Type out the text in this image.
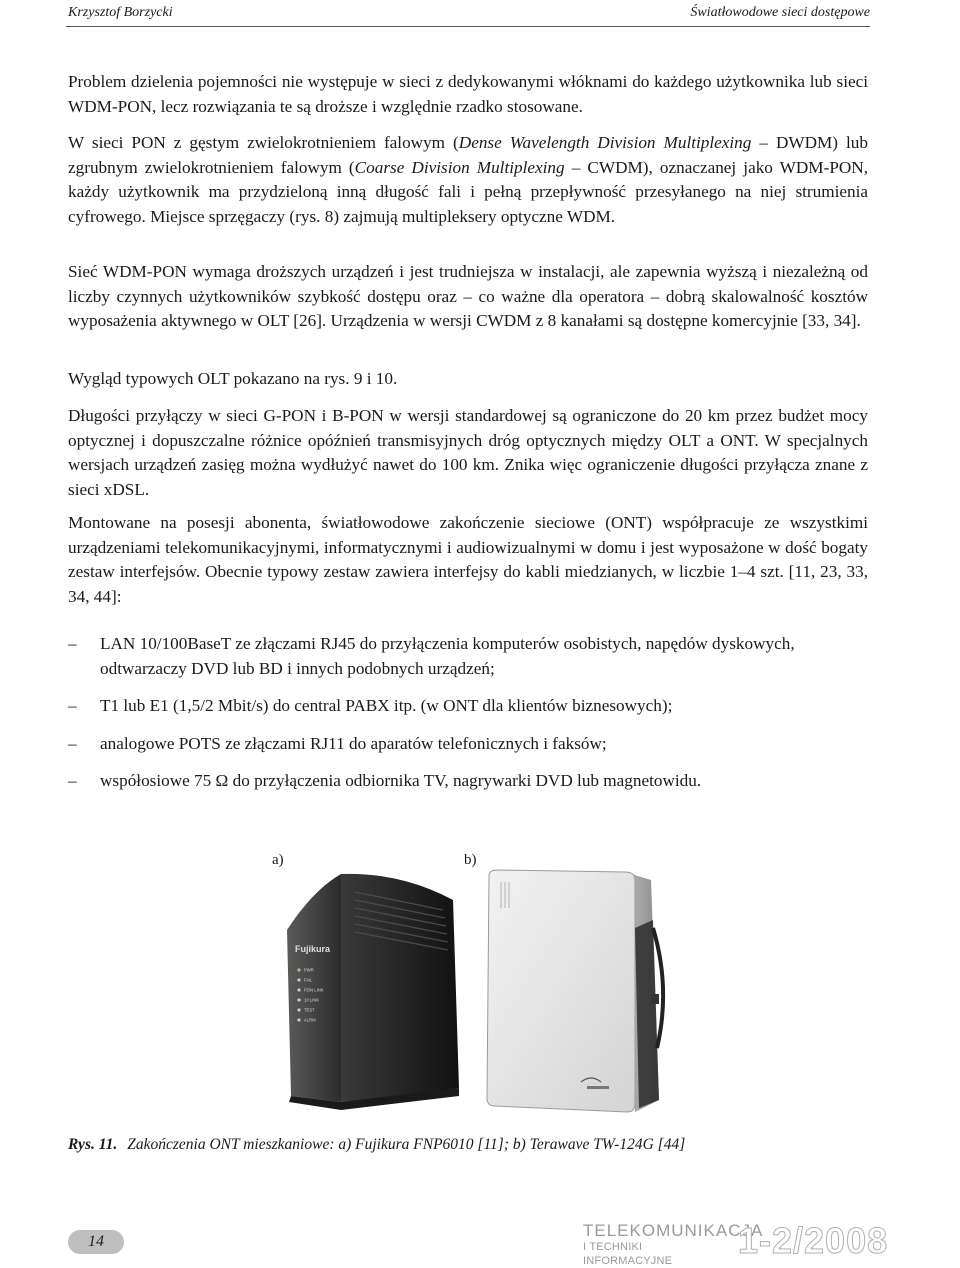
Krzysztof Borzycki	Światłowodowe sieci dostępowe

Problem dzielenia pojemności nie występuje w sieci z dedykowanymi włóknami do każdego użytkownika lub sieci WDM-PON, lecz rozwiązania te są droższe i względnie rzadko stosowane.

W sieci PON z gęstym zwielokrotnieniem falowym (Dense Wavelength Division Multiplexing – DWDM) lub zgrubnym zwielokrotnieniem falowym (Coarse Division Multiplexing – CWDM), oznaczanej jako WDM-PON, każdy użytkownik ma przydzieloną inną długość fali i pełną przepływność przesyłanego na niej strumienia cyfrowego. Miejsce sprzęgaczy (rys. 8) zajmują multipleksery optyczne WDM.

Sieć WDM-PON wymaga droższych urządzeń i jest trudniejsza w instalacji, ale zapewnia wyższą i niezależną od liczby czynnych użytkowników szybkość dostępu oraz – co ważne dla operatora – dobrą skalowalność kosztów wyposażenia aktywnego w OLT [26]. Urządzenia w wersji CWDM z 8 kanałami są dostępne komercyjnie [33, 34].

Wygląd typowych OLT pokazano na rys. 9 i 10.

Długości przyłączy w sieci G-PON i B-PON w wersji standardowej są ograniczone do 20 km przez budżet mocy optycznej i dopuszczalne różnice opóźnień transmisyjnych dróg optycznych między OLT a ONT. W specjalnych wersjach urządzeń zasięg można wydłużyć nawet do 100 km. Znika więc ograniczenie długości przyłącza znane z sieci xDSL.

Montowane na posesji abonenta, światłowodowe zakończenie sieciowe (ONT) współpracuje ze wszystkimi urządzeniami telekomunikacyjnymi, informatycznymi i audiowizualnymi w domu i jest wyposażone w dość bogaty zestaw interfejsów. Obecnie typowy zestaw zawiera interfejsy do kabli miedzianych, w liczbie 1–4 szt. [11, 23, 33, 34, 44]:

– LAN 10/100BaseT ze złączami RJ45 do przyłączenia komputerów osobistych, napędów dyskowych, odtwarzaczy DVD lub BD i innych podobnych urządzeń;
– T1 lub E1 (1,5/2 Mbit/s) do central PABX itp. (w ONT dla klientów biznesowych);
– analogowe POTS ze złączami RJ11 do aparatów telefonicznych i faksów;
– współosiowe 75 Ω do przyłączenia odbiornika TV, nagrywarki DVD lub magnetowidu.
a)	b)
Fujikura
PWR
FAIL
PON LINK
10 LINK
TEST
ALRM
Rys. 11. Zakończenia ONT mieszkaniowe: a) Fujikura FNP6010 [11]; b) Terawave TW-124G [44]
14
TELEKOMUNIKACJA
I TECHNIKI INFORMACYJNE	1-2/2008
